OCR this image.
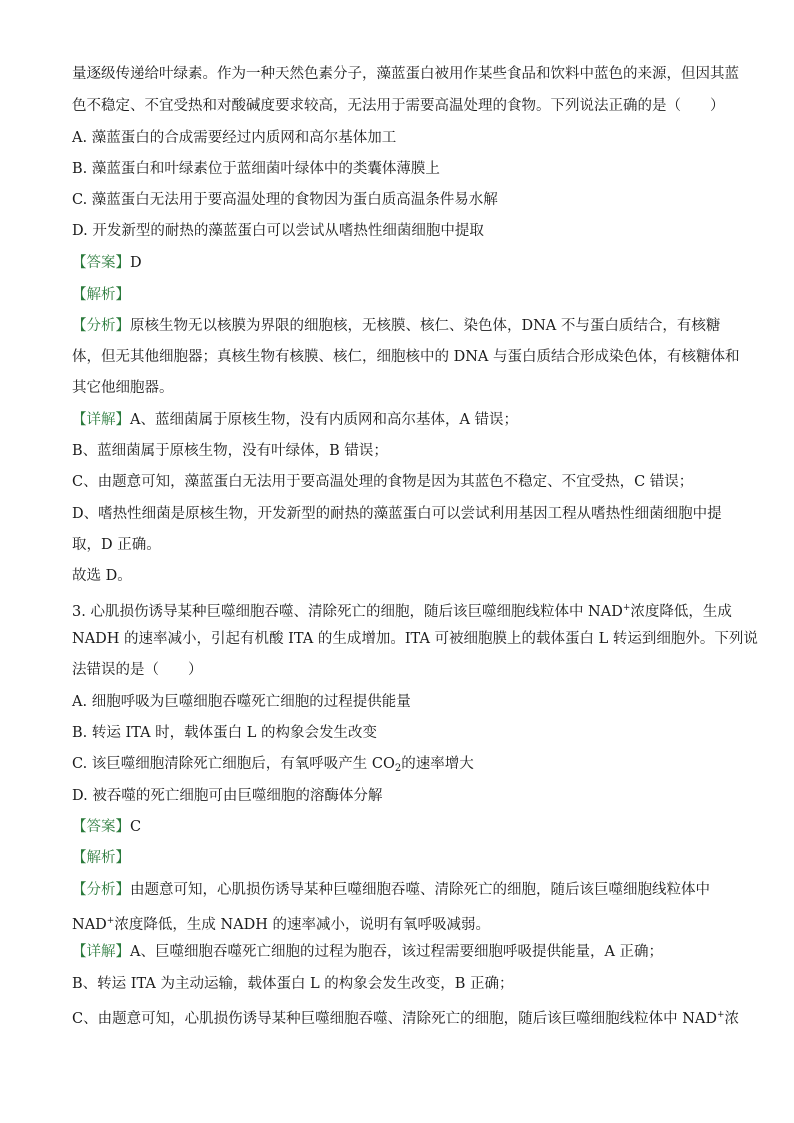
量逐级传递给叶绿素。作为一种天然色素分子，藻蓝蛋白被用作某些食品和饮料中蓝色的来源，但因其蓝
色不稳定、不宜受热和对酸碱度要求较高，无法用于需要高温处理的食物。下列说法正确的是（　　）
A. 藻蓝蛋白的合成需要经过内质网和高尔基体加工
B. 藻蓝蛋白和叶绿素位于蓝细菌叶绿体中的类囊体薄膜上
C. 藻蓝蛋白无法用于要高温处理的食物因为蛋白质高温条件易水解
D. 开发新型的耐热的藻蓝蛋白可以尝试从嗜热性细菌细胞中提取
【答案】D
【解析】
【分析】原核生物无以核膜为界限的细胞核，无核膜、核仁、染色体，DNA 不与蛋白质结合，有核糖
体，但无其他细胞器；真核生物有核膜、核仁，细胞核中的 DNA 与蛋白质结合形成染色体，有核糖体和
其它他细胞器。
【详解】A、蓝细菌属于原核生物，没有内质网和高尔基体，A 错误；
B、蓝细菌属于原核生物，没有叶绿体，B 错误；
C、由题意可知，藻蓝蛋白无法用于要高温处理的食物是因为其蓝色不稳定、不宜受热，C 错误；
D、嗜热性细菌是原核生物，开发新型的耐热的藻蓝蛋白可以尝试利用基因工程从嗜热性细菌细胞中提
取，D 正确。
故选 D。
3. 心肌损伤诱导某种巨噬细胞吞噬、清除死亡的细胞，随后该巨噬细胞线粒体中 NAD+浓度降低，生成
NADH 的速率减小，引起有机酸 ITA 的生成增加。ITA 可被细胞膜上的载体蛋白 L 转运到细胞外。下列说
法错误的是（　　）
A. 细胞呼吸为巨噬细胞吞噬死亡细胞的过程提供能量
B. 转运 ITA 时，载体蛋白 L 的构象会发生改变
C. 该巨噬细胞清除死亡细胞后，有氧呼吸产生 $CO_2$的速率增大
D. 被吞噬的死亡细胞可由巨噬细胞的溶酶体分解
【答案】C
【解析】
【分析】由题意可知，心肌损伤诱导某种巨噬细胞吞噬、清除死亡的细胞，随后该巨噬细胞线粒体中
NAD+浓度降低，生成 NADH 的速率减小，说明有氧呼吸减弱。
【详解】A、巨噬细胞吞噬死亡细胞的过程为胞吞，该过程需要细胞呼吸提供能量，A 正确；
B、转运 ITA 为主动运输，载体蛋白 L 的构象会发生改变，B 正确；
C、由题意可知，心肌损伤诱导某种巨噬细胞吞噬、清除死亡的细胞，随后该巨噬细胞线粒体中 NAD+浓
